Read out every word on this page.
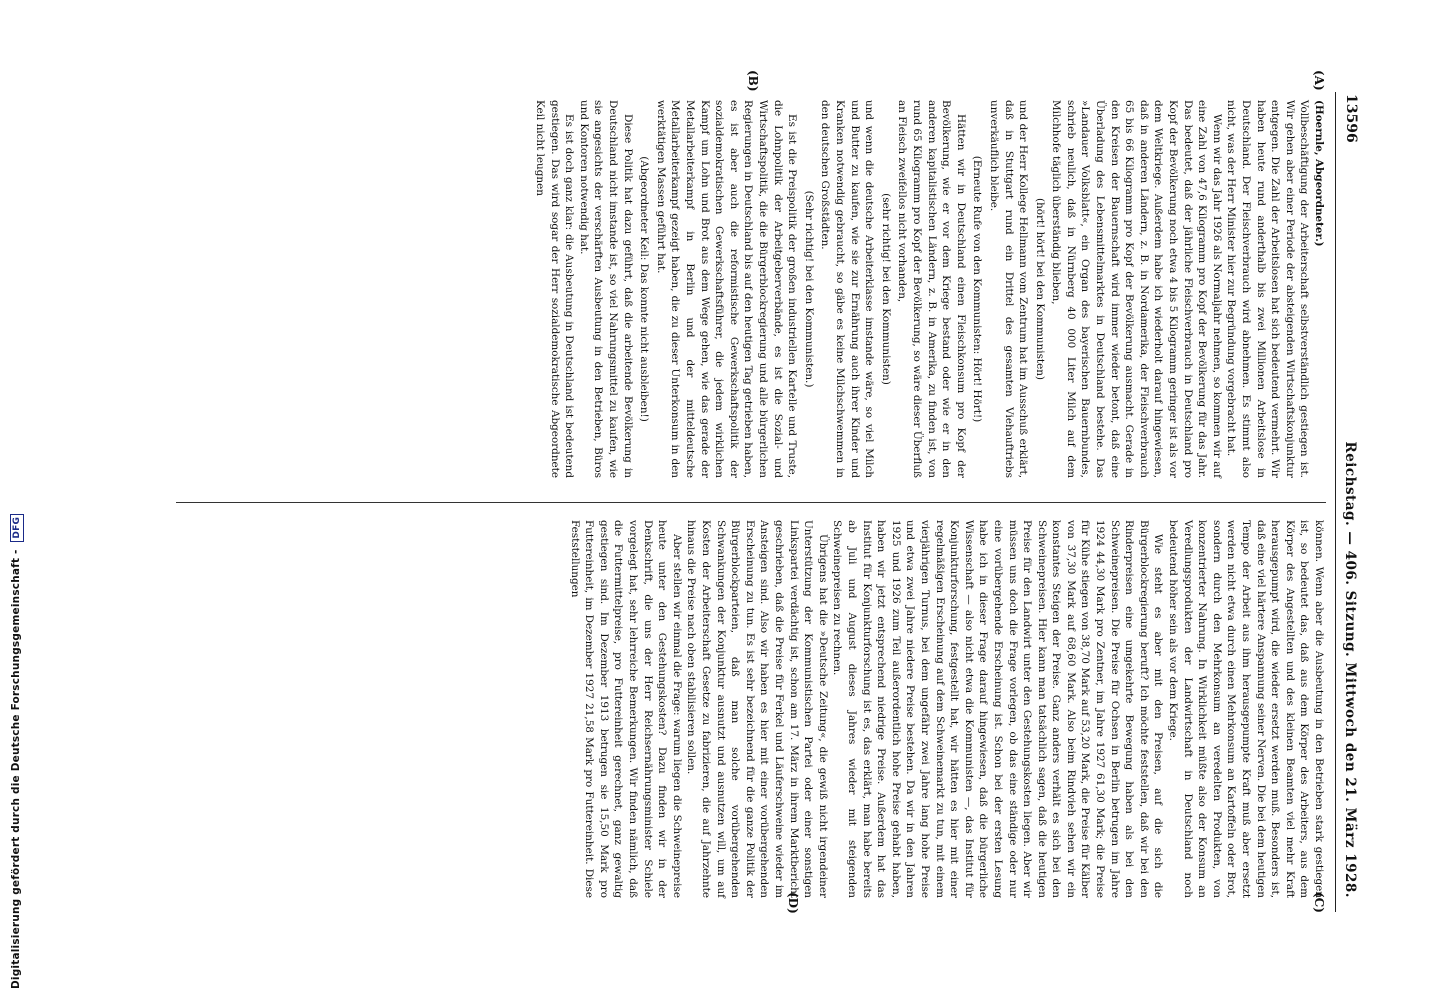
Digitalisierung gefördert durch die Deutsche Forschungsgemeinschaft - DFG
13596
Reichstag. — 406. Sitzung. Mittwoch den 21. März 1928.
(A)
(B)
(C)
(D)

(Hoernle, Abgeordneter.)

Vollbeschäftigung der Arbeiterschaft selbstverständlich gestiegen ist. Wir gehen aber einer Periode der absteigenden Wirtschaftskonjunktur entgegen. Die Zahl der Arbeitslosen hat sich bedeutend vermehrt. Wir haben heute rund anderthalb bis zwei Millionen Arbeitslose in Deutschland. Der Fleischverbrauch wird abnehmen. Es stimmt also nicht, was der Herr Minister hier zur Begründung vorgebracht hat.

Wenn wir das Jahr 1926 als Normaljahr nehmen, so kommen wir auf eine Zahl von 47,6 Kilogramm pro Kopf der Bevölkerung für das Jahr. Das bedeutet, daß der jährliche Fleischverbrauch in Deutschland pro Kopf der Bevölkerung noch etwa 4 bis 5 Kilogramm geringer ist als vor dem Weltkriege. Außerdem habe ich wiederholt darauf hingewiesen, daß in anderen Ländern, z. B. in Nordamerika, der Fleischverbrauch 65 bis 66 Kilogramm pro Kopf der Bevölkerung ausmacht. Gerade in den Kreisen der Bauernschaft wird immer wieder betont, daß eine Überladung des Lebensmittelmarktes in Deutschland bestehe. Das »Landauer Volksblatt«, ein Organ des bayerischen Bauernbundes, schrieb neulich, daß in Nürnberg 40 000 Liter Milch auf dem Milchhofe täglich überständig blieben,

(hört! hört! bei den Kommunisten)

und der Herr Kollege Hellmann vom Zentrum hat im Ausschuß erklärt, daß in Stuttgart rund ein Drittel des gesamten Viehauftriebs unverkäuflich bleibe.

(Erneute Rufe von den Kommunisten: Hört! Hört!)

Hätten wir in Deutschland einen Fleischkonsum pro Kopf der Bevölkerung, wie er vor dem Kriege bestand oder wie er in den anderen kapitalistischen Ländern, z. B. in Amerika, zu finden ist, von rund 65 Kilogramm pro Kopf der Bevölkerung, so wäre dieser Überfluß an Fleisch zweifellos nicht vorhanden,

(sehr richtig! bei den Kommunisten)

und wenn die deutsche Arbeiterklasse imstande wäre, so viel Milch und Butter zu kaufen, wie sie zur Ernährung auch ihrer Kinder und Kranken notwendig gebraucht, so gäbe es keine Milchschwemmen in den deutschen Großstädten.

(Sehr richtig! bei den Kommunisten.)

Es ist die Preispolitik der großen industriellen Kartelle und Truste, die Lohnpolitik der Arbeitgeberverbände, es ist die Sozial- und Wirtschaftspolitik, die die Bürgerblockregierung und alle bürgerlichen Regierungen in Deutschland bis auf den heutigen Tag getrieben haben, es ist aber auch die reformistische Gewerkschaftspolitik der sozialdemokratischen Gewerkschaftsführer, die jedem wirklichen Kampf um Lohn und Brot aus dem Wege gehen, wie das gerade der Metallarbeiterkampf in Berlin und der mitteldeutsche Metallarbeiterkampf gezeigt haben, die zu dieser Unterkonsum in den werktätigen Massen geführt hat.

(Abgeordneter Keil: Das konnte nicht ausbleiben!)

Diese Politik hat dazu geführt, daß die arbeitende Bevölkerung in Deutschland nicht imstande ist, so viel Nahrungsmittel zu kaufen, wie sie angesichts der verschärften Ausbeutung in den Betrieben, Büros und Kontoren notwendig hat.

Es ist doch ganz klar: die Ausbeutung in Deutschland ist bedeutend gestiegen. Das wird sogar der Herr sozialdemokratische Abgeordnete Keil nicht leugnen

können. Wenn aber die Ausbeutung in den Betrieben stark gestiegen ist, so bedeutet das, daß aus dem Körper des Arbeiters, aus dem Körper des Angestellten und des kleinen Beamten viel mehr Kraft herausgepumpt wird, die wieder ersetzt werden muß. Besonders ist, daß eine viel härtere Anspannung seiner Nerven. Die bei dem heutigen Tempo der Arbeit aus ihm herausgepumpte Kraft muß aber ersetzt werden nicht etwa durch einen Mehrkonsum an Kartoffeln oder Brot, sondern durch den Mehrkonsum an veredelten Produkten, von konzentrierter Nahrung. In Wirklichkeit müßte also der Konsum an Veredlungsprodukten der Landwirtschaft in Deutschland noch bedeutend höher sein als vor dem Kriege.

Wie steht es aber mit den Preisen, auf die sich die Bürgerblockregierung beruft? Ich möchte feststellen, daß wir bei den Rinderpreisen eine umgekehrte Bewegung haben als bei den Schweinepreisen. Die Preise für Ochsen in Berlin betrugen im Jahre 1924 44,30 Mark pro Zentner, im Jahre 1927 61,30 Mark; die Preise für Kühe stiegen von 38,70 Mark auf 53,20 Mark, die Preise für Kälber von 37,30 Mark auf 68,60 Mark. Also beim Rindvieh sehen wir ein konstantes Steigen der Preise. Ganz anders verhält es sich bei den Schweinepreisen. Hier kann man tatsächlich sagen, daß die heutigen Preise für den Landwirt unter den Gestehungskosten liegen. Aber wir müssen uns doch die Frage vorlegen, ob das eine ständige oder nur eine vorübergehende Erscheinung ist. Schon bei der ersten Lesung habe ich in dieser Frage darauf hingewiesen, daß die bürgerliche Wissenschaft — also nicht etwa die Kommunisten —, das Institut für Konjunkturforschung, festgestellt hat, wir hätten es hier mit einer regelmäßigen Erscheinung auf dem Schweinemarkt zu tun, mit einem vierjährigen Turnus, bei dem ungefähr zwei Jahre lang hohe Preise und etwa zwei Jahre niedere Preise bestehen. Da wir in den Jahren 1925 und 1926 zum Teil außerordentlich hohe Preise gehabt haben, haben wir jetzt entsprechend niedrige Preise. Außerdem hat das Institut für Konjunkturforschung ist es, das erklärt, man habe bereits ab Juli und August dieses Jahres wieder mit steigenden Schweinepreisen zu rechnen.

Übrigens hat die »Deutsche Zeitung«, die gewiß nicht irgendeiner Unterstützung der Kommunistischen Partei oder einer sonstigen Linkspartei verdächtig ist, schon am 17. März in ihrem Marktbericht geschrieben, daß die Preise für Ferkel und Läuferschweine wieder im Ansteigen sind. Also wir haben es hier mit einer vorübergehenden Erscheinung zu tun. Es ist sehr bezeichnend für die ganze Politik der Bürgerblockparteien, daß man solche vorübergehenden Schwankungen der Konjunktur ausnutzt und ausnutzen will, um auf Kosten der Arbeiterschaft Gesetze zu fabrizieren, die auf Jahrzehnte hinaus die Preise nach oben stabilisieren sollen.

Aber stellen wir einmal die Frage: warum liegen die Schweinepreise heute unter den Gestehungskosten? Dazu finden wir in der Denkschrift, die uns der Herr Reichsernährungsminister Schiele vorgelegt hat, sehr lehrreiche Bemerkungen. Wir finden nämlich, daß die Futtermittelpreise, pro Futtereinheit gerechnet, ganz gewaltig gestiegen sind. Im Dezember 1913 betrugen sie 15,50 Mark pro Futtereinheit, im Dezember 1927 21,58 Mark pro Futtereinheit. Diese Feststellungen
